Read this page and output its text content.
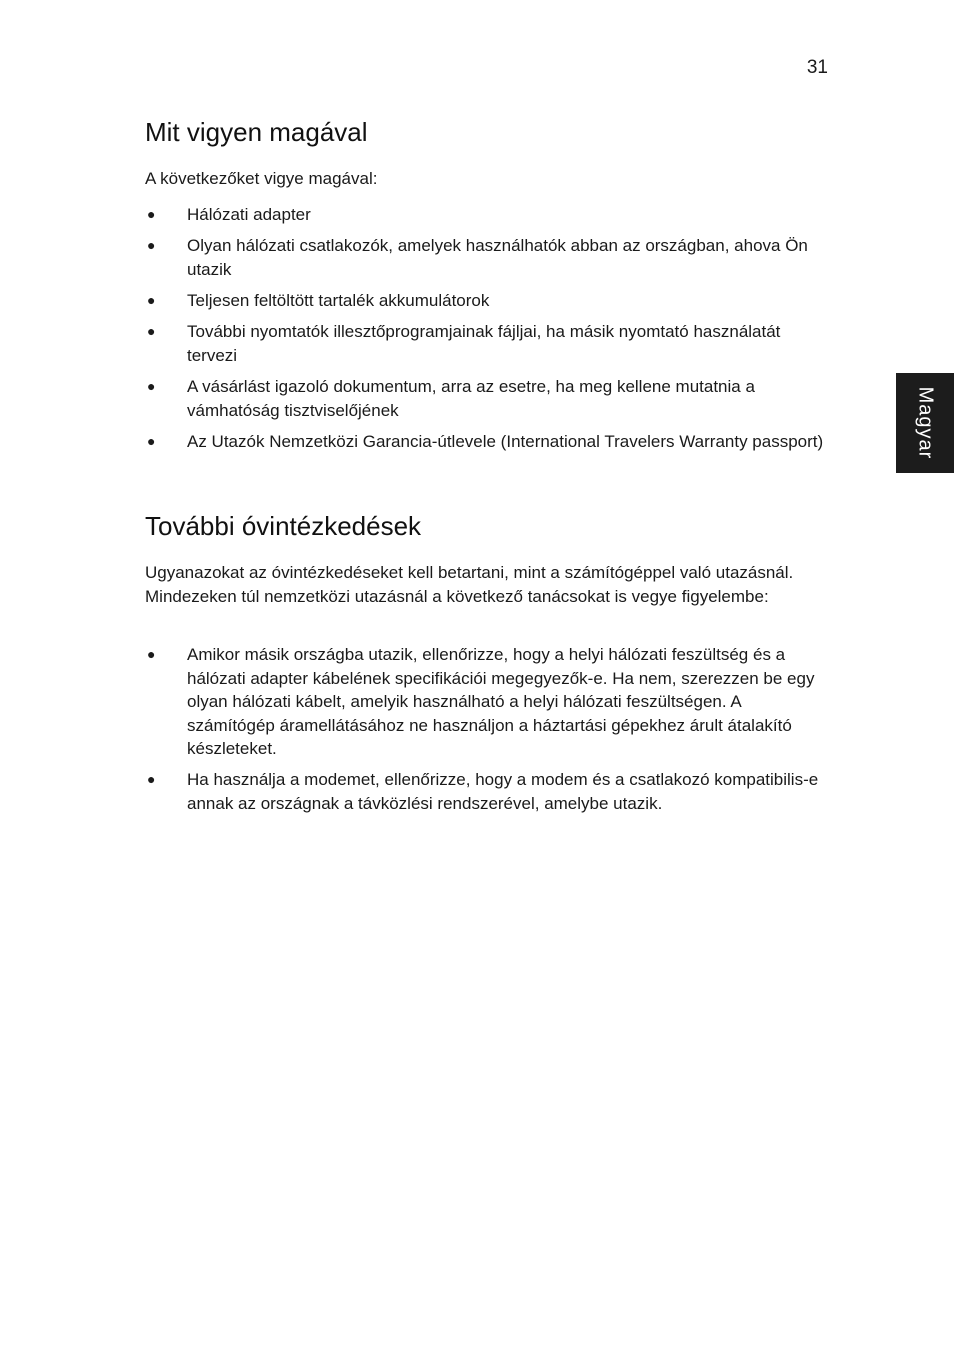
31
Magyar
Mit vigyen magával

A következőket vigye magával:

● Hálózati adapter
● Olyan hálózati csatlakozók, amelyek használhatók abban az országban, ahova Ön utazik
● Teljesen feltöltött tartalék akkumulátorok
● További nyomtatók illesztőprogramjainak fájljai, ha másik nyomtató használatát tervezi
● A vásárlást igazoló dokumentum, arra az esetre, ha meg kellene mutatnia a vámhatóság tisztviselőjének
● Az Utazók Nemzetközi Garancia-útlevele (International Travelers Warranty passport)
További óvintézkedések

Ugyanazokat az óvintézkedéseket kell betartani, mint a számítógéppel való utazásnál. Mindezeken túl nemzetközi utazásnál a következő tanácsokat is vegye figyelembe:

● Amikor másik országba utazik, ellenőrizze, hogy a helyi hálózati feszültség és a hálózati adapter kábelének specifikációi megegyezők-e. Ha nem, szerezzen be egy olyan hálózati kábelt, amelyik használható a helyi hálózati feszültségen. A számítógép áramellátásához ne használjon a háztartási gépekhez árult átalakító készleteket.
● Ha használja a modemet, ellenőrizze, hogy a modem és a csatlakozó kompatibilis-e annak az országnak a távközlési rendszerével, amelybe utazik.
